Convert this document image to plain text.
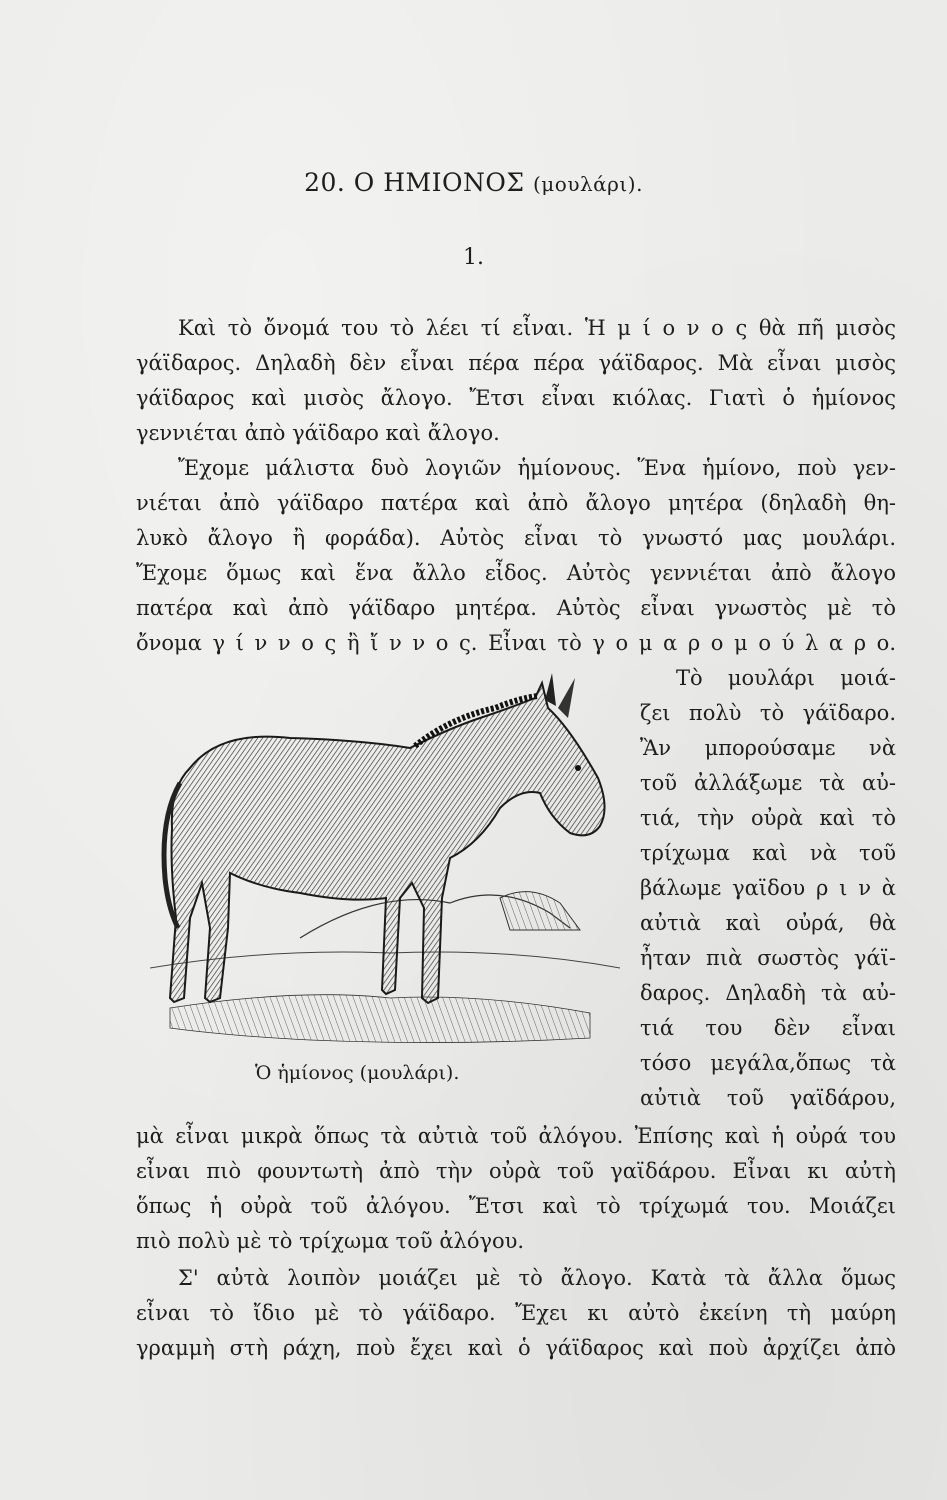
20. Ο ΗΜΙΟΝΟΣ (μουλάρι).
1.
Καὶ τὸ ὄνομά του τὸ λέει τί εἶναι. Ἡ μ ί ο ν ο ς θὰ πῆ μισὸς
γάϊδαρος. Δηλαδὴ δὲν εἶναι πέρα πέρα γάϊδαρος. Μὰ εἶναι μισὸς
γάϊδαρος καὶ μισὸς ἄλογο. Ἔτσι εἶναι κιόλας. Γιατὶ ὁ ἡμίονος
γεννιέται ἀπὸ γάϊδαρο καὶ ἄλογο.
Ἔχομε μάλιστα δυὸ λογιῶν ἡμίονους. Ἕνα ἡμίονο, ποὺ γεν-
νιέται ἀπὸ γάϊδαρο πατέρα καὶ ἀπὸ ἄλογο μητέρα (δηλαδὴ θη-
λυκὸ ἄλογο ἢ φοράδα). Αὐτὸς εἶναι τὸ γνωστό μας μουλάρι.
Ἔχομε ὅμως καὶ ἕνα ἄλλο εἶδος. Αὐτὸς γεννιέται ἀπὸ ἄλογο
πατέρα καὶ ἀπὸ γάϊδαρο μητέρα. Αὐτὸς εἶναι γνωστὸς μὲ τὸ
ὄνομα γ ί ν ν ο ς ἢ ἴ ν ν ο ς. Εἶναι τὸ γ ο μ α ρ ο μ ο ύ λ α ρ ο.
Τὸ μουλάρι μοιά-
ζει πολὺ τὸ γάϊδαρο.
Ἂν μπορούσαμε νὰ
τοῦ ἀλλάξωμε τὰ αὐ-
τιά, τὴν οὐρὰ καὶ τὸ
τρίχωμα καὶ νὰ τοῦ
βάλωμε γαϊδου ρ ι ν ὰ
αὐτιὰ καὶ οὐρά, θὰ
ἦταν πιὰ σωστὸς γάϊ-
δαρος. Δηλαδὴ τὰ αὐ-
τιά του δὲν εἶναι
τόσο μεγάλα,ὅπως τὰ
αὐτιὰ τοῦ γαϊδάρου,
Ὁ ἡμίονος (μουλάρι).
μὰ εἶναι μικρὰ ὅπως τὰ αὐτιὰ τοῦ ἀλόγου. Ἐπίσης καὶ ἡ οὐρά του
εἶναι πιὸ φουντωτὴ ἀπὸ τὴν οὐρὰ τοῦ γαϊδάρου. Εἶναι κι αὐτὴ
ὅπως ἡ οὐρὰ τοῦ ἀλόγου. Ἔτσι καὶ τὸ τρίχωμά του. Μοιάζει
πιὸ πολὺ μὲ τὸ τρίχωμα τοῦ ἀλόγου.
Σ' αὐτὰ λοιπὸν μοιάζει μὲ τὸ ἄλογο. Κατὰ τὰ ἄλλα ὅμως
εἶναι τὸ ἴδιο μὲ τὸ γάϊδαρο. Ἔχει κι αὐτὸ ἐκείνη τὴ μαύρη
γραμμὴ στὴ ράχη, ποὺ ἔχει καὶ ὁ γάϊδαρος καὶ ποὺ ἀρχίζει ἀπὸ
